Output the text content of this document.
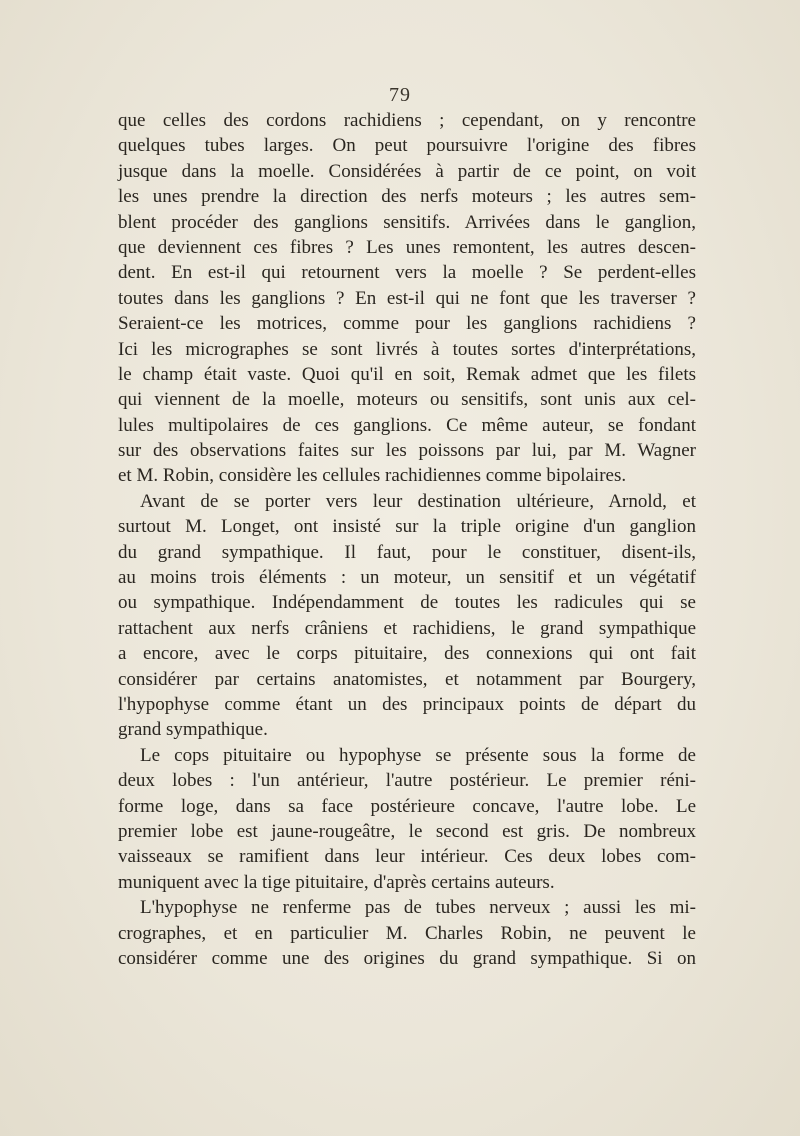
79
que celles des cordons rachidiens ; cependant, on y rencontre
quelques tubes larges. On peut poursuivre l'origine des fibres
jusque dans la moelle. Considérées à partir de ce point, on voit
les unes prendre la direction des nerfs moteurs ; les autres sem-
blent procéder des ganglions sensitifs. Arrivées dans le ganglion,
que deviennent ces fibres ? Les unes remontent, les autres descen-
dent. En est-il qui retournent vers la moelle ? Se perdent-elles
toutes dans les ganglions ? En est-il qui ne font que les traverser ?
Seraient-ce les motrices, comme pour les ganglions rachidiens ?
Ici les micrographes se sont livrés à toutes sortes d'interprétations,
le champ était vaste. Quoi qu'il en soit, Remak admet que les filets
qui viennent de la moelle, moteurs ou sensitifs, sont unis aux cel-
lules multipolaires de ces ganglions. Ce même auteur, se fondant
sur des observations faites sur les poissons par lui, par M. Wagner
et M. Robin, considère les cellules rachidiennes comme bipolaires.
Avant de se porter vers leur destination ultérieure, Arnold, et
surtout M. Longet, ont insisté sur la triple origine d'un ganglion
du grand sympathique. Il faut, pour le constituer, disent-ils,
au moins trois éléments : un moteur, un sensitif et un végétatif
ou sympathique. Indépendamment de toutes les radicules qui se
rattachent aux nerfs crâniens et rachidiens, le grand sympathique
a encore, avec le corps pituitaire, des connexions qui ont fait
considérer par certains anatomistes, et notamment par Bourgery,
l'hypophyse comme étant un des principaux points de départ du
grand sympathique.
Le cops pituitaire ou hypophyse se présente sous la forme de
deux lobes : l'un antérieur, l'autre postérieur. Le premier réni-
forme loge, dans sa face postérieure concave, l'autre lobe. Le
premier lobe est jaune-rougeâtre, le second est gris. De nombreux
vaisseaux se ramifient dans leur intérieur. Ces deux lobes com-
muniquent avec la tige pituitaire, d'après certains auteurs.
L'hypophyse ne renferme pas de tubes nerveux ; aussi les mi-
crographes, et en particulier M. Charles Robin, ne peuvent le
considérer comme une des origines du grand sympathique. Si on
